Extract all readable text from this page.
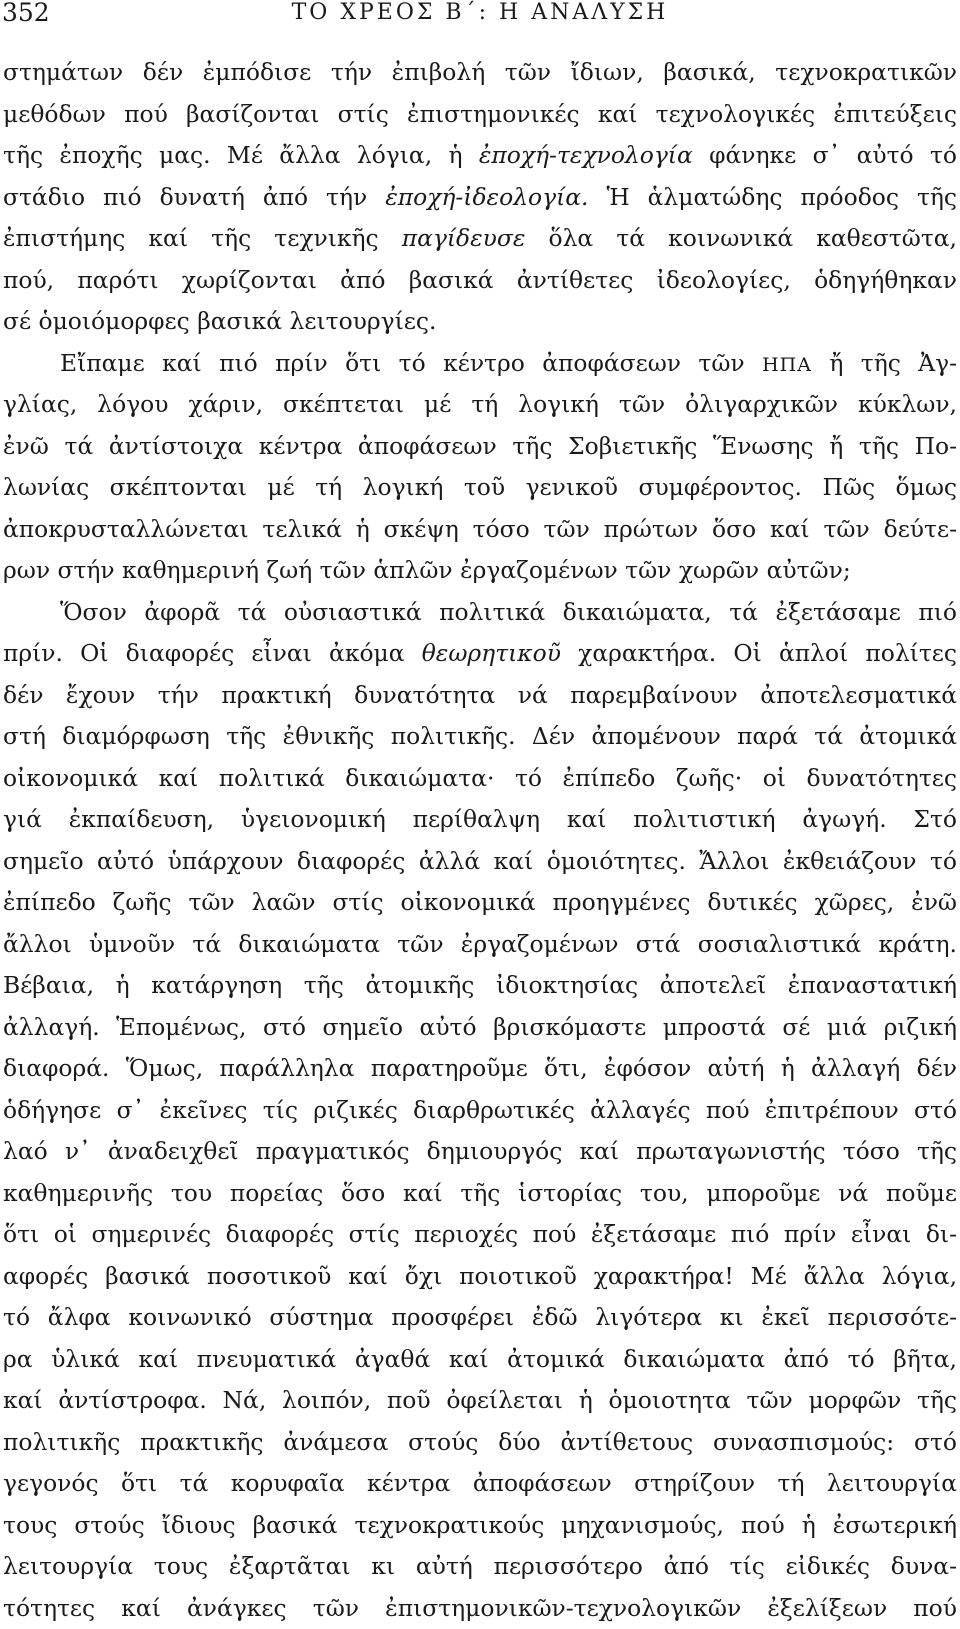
352	ΤΟ ΧΡΕΟΣ Β΄: Η ΑΝΑΛΥΣΗ
στημάτων δέν ἐμπόδισε τήν ἐπιβολή τῶν ἴδιων, βασικά, τεχνοκρατικῶν
μεθόδων πού βασίζονται στίς ἐπιστημονικές καί τεχνολογικές ἐπιτεύξεις
τῆς ἐποχῆς μας. Μέ ἄλλα λόγια, ἡ ἐποχή-τεχνολογία φάνηκε σ᾽ αὐτό τό
στάδιο πιό δυνατή ἀπό τήν ἐποχή-ἰδεολογία. Ἡ ἁλματώδης πρόοδος τῆς
ἐπιστήμης καί τῆς τεχνικῆς παγίδευσε ὅλα τά κοινωνικά καθεστῶτα,
πού, παρότι χωρίζονται ἀπό βασικά ἀντίθετες ἰδεολογίες, ὁδηγήθηκαν
σέ ὁμοιόμορφες βασικά λειτουργίες.
Εἴπαμε καί πιό πρίν ὅτι τό κέντρο ἀποφάσεων τῶν ΗΠΑ ἤ τῆς Ἀγ-
γλίας, λόγου χάριν, σκέπτεται μέ τή λογική τῶν ὀλιγαρχικῶν κύκλων,
ἐνῶ τά ἀντίστοιχα κέντρα ἀποφάσεων τῆς Σοβιετικῆς Ἕνωσης ἤ τῆς Πο-
λωνίας σκέπτονται μέ τή λογική τοῦ γενικοῦ συμφέροντος. Πῶς ὅμως
ἀποκρυσταλλώνεται τελικά ἡ σκέψη τόσο τῶν πρώτων ὅσο καί τῶν δεύτε-
ρων στήν καθημερινή ζωή τῶν ἁπλῶν ἐργαζομένων τῶν χωρῶν αὐτῶν;
Ὅσον ἀφορᾶ τά οὐσιαστικά πολιτικά δικαιώματα, τά ἐξετάσαμε πιό
πρίν. Οἱ διαφορές εἶναι ἀκόμα θεωρητικοῦ χαρακτήρα. Οἱ ἁπλοί πολίτες
δέν ἔχουν τήν πρακτική δυνατότητα νά παρεμβαίνουν ἀποτελεσματικά
στή διαμόρφωση τῆς ἐθνικῆς πολιτικῆς. Δέν ἀπομένουν παρά τά ἀτομικά
οἰκονομικά καί πολιτικά δικαιώματα· τό ἐπίπεδο ζωῆς· οἱ δυνατότητες
γιά ἐκπαίδευση, ὑγειονομική περίθαλψη καί πολιτιστική ἀγωγή. Στό
σημεῖο αὐτό ὑπάρχουν διαφορές ἀλλά καί ὁμοιότητες. Ἄλλοι ἐκθειάζουν τό
ἐπίπεδο ζωῆς τῶν λαῶν στίς οἰκονομικά προηγμένες δυτικές χῶρες, ἐνῶ
ἄλλοι ὑμνοῦν τά δικαιώματα τῶν ἐργαζομένων στά σοσιαλιστικά κράτη.
Βέβαια, ἡ κατάργηση τῆς ἀτομικῆς ἰδιοκτησίας ἀποτελεῖ ἐπαναστατική
ἀλλαγή. Ἑπομένως, στό σημεῖο αὐτό βρισκόμαστε μπροστά σέ μιά ριζική
διαφορά. Ὅμως, παράλληλα παρατηροῦμε ὅτι, ἐφόσον αὐτή ἡ ἀλλαγή δέν
ὁδήγησε σ᾽ ἐκεῖνες τίς ριζικές διαρθρωτικές ἀλλαγές πού ἐπιτρέπουν στό
λαό ν᾽ ἀναδειχθεῖ πραγματικός δημιουργός καί πρωταγωνιστής τόσο τῆς
καθημερινῆς του πορείας ὅσο καί τῆς ἱστορίας του, μποροῦμε νά ποῦμε
ὅτι οἱ σημερινές διαφορές στίς περιοχές πού ἐξετάσαμε πιό πρίν εἶναι δι-
αφορές βασικά ποσοτικοῦ καί ὄχι ποιοτικοῦ χαρακτήρα! Μέ ἄλλα λόγια,
τό ἄλφα κοινωνικό σύστημα προσφέρει ἐδῶ λιγότερα κι ἐκεῖ περισσότε-
ρα ὑλικά καί πνευματικά ἀγαθά καί ἀτομικά δικαιώματα ἀπό τό βῆτα,
καί ἀντίστροφα. Νά, λοιπόν, ποῦ ὀφείλεται ἡ ὁμοιοτητα τῶν μορφῶν τῆς
πολιτικῆς πρακτικῆς ἀνάμεσα στούς δύο ἀντίθετους συνασπισμούς: στό
γεγονός ὅτι τά κορυφαῖα κέντρα ἀποφάσεων στηρίζουν τή λειτουργία
τους στούς ἴδιους βασικά τεχνοκρατικούς μηχανισμούς, πού ἡ ἐσωτερική
λειτουργία τους ἐξαρτᾶται κι αὐτή περισσότερο ἀπό τίς εἰδικές δυνα-
τότητες καί ἀνάγκες τῶν ἐπιστημονικῶν-τεχνολογικῶν ἐξελίξεων πού
